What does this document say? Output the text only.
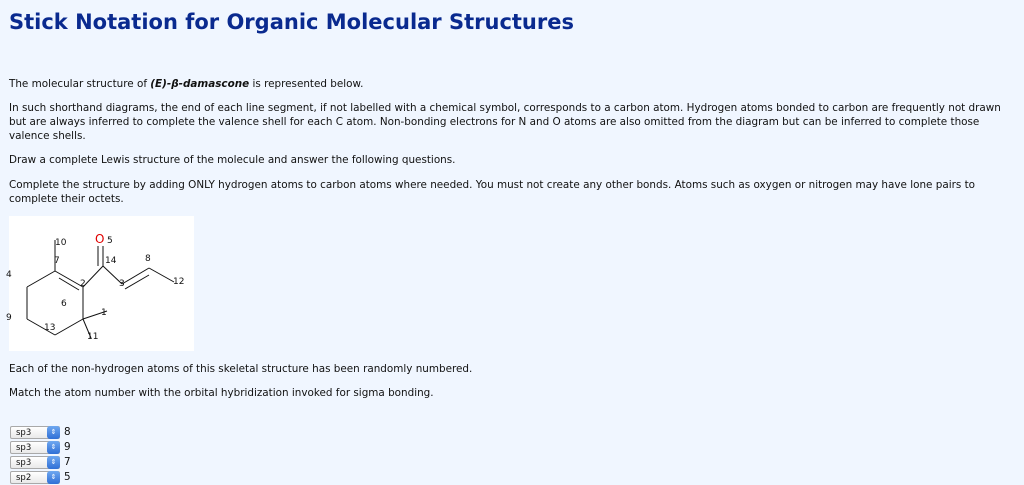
Stick Notation for Organic Molecular Structures
The molecular structure of (E)-β-damascone is represented below.
In such shorthand diagrams, the end of each line segment, if not labelled with a chemical symbol, corresponds to a carbon atom. Hydrogen atoms bonded to carbon are frequently not drawn but are always inferred to complete the valence shell for each C atom. Non-bonding electrons for N and O atoms are also omitted from the diagram but can be inferred to complete those valence shells.
Draw a complete Lewis structure of the molecule and answer the following questions.
Complete the structure by adding ONLY hydrogen atoms to carbon atoms where needed. You must not create any other bonds. Atoms such as oxygen or nitrogen may have lone pairs to complete their octets.
O
10	5
7	14	8
4
2	3	12
6
1
9
13
11
Each of the non-hydrogen atoms of this skeletal structure has been randomly numbered.
Match the atom number with the orbital hybridization invoked for sigma bonding.
sp3	⇕ 8
sp3	⇕ 9
sp3	⇕ 7
sp2	⇕ 5
